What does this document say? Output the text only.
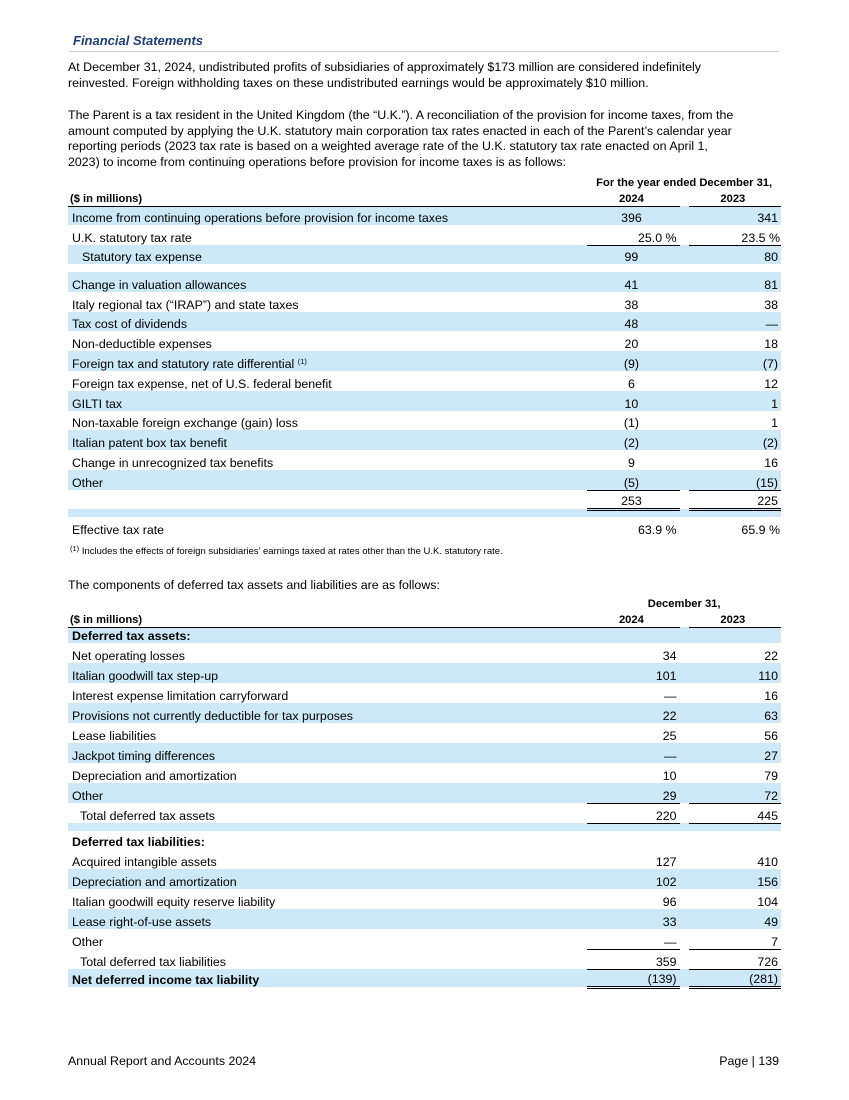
Financial Statements
At December 31, 2024, undistributed profits of subsidiaries of approximately $173 million are considered indefinitely
reinvested. Foreign withholding taxes on these undistributed earnings would be approximately $10 million.
The Parent is a tax resident in the United Kingdom (the “U.K.”). A reconciliation of the provision for income taxes, from the
amount computed by applying the U.K. statutory main corporation tax rates enacted in each of the Parent’s calendar year
reporting periods (2023 tax rate is based on a weighted average rate of the U.K. statutory tax rate enacted on April 1,
2023) to income from continuing operations before provision for income taxes is as follows:
	For the year ended December 31,		
($ in millions)	2024		2023
Income from continuing operations before provision for income taxes	396		341
U.K. statutory tax rate	25.0 %		23.5 %
Statutory tax expense	99		80

Change in valuation allowances	41		81
Italy regional tax (“IRAP”) and state taxes	38		38
Tax cost of dividends	48		—
Non-deductible expenses	20		18
Foreign tax and statutory rate differential $^{(1)}$	(9)		(7)
Foreign tax expense, net of U.S. federal benefit	6		12
GILTI tax	10		1
Non-taxable foreign exchange (gain) loss	(1)		1
Italian patent box tax benefit	(2)		(2)
Change in unrecognized tax benefits	9		16
Other	(5)		(15)
	253		225

Effective tax rate	63.9 %		65.9 %
$^{(1)}$ Includes the effects of foreign subsidiaries’ earnings taxed at rates other than the U.K. statutory rate.
The components of deferred tax assets and liabilities are as follows:
	December 31,		
($ in millions)	2024		2023
Deferred tax assets:			
Net operating losses	34		22
Italian goodwill tax step-up	101		110
Interest expense limitation carryforward	—		16
Provisions not currently deductible for tax purposes	22		63
Lease liabilities	25		56
Jackpot timing differences	—		27
Depreciation and amortization	10		79
Other	29		72
Total deferred tax assets	220		445

Deferred tax liabilities:			
Acquired intangible assets	127		410
Depreciation and amortization	102		156
Italian goodwill equity reserve liability	96		104
Lease right-of-use assets	33		49
Other	—		7
Total deferred tax liabilities	359		726
Net deferred income tax liability	(139)		(281)
Annual Report and Accounts 2024	Page | 139
